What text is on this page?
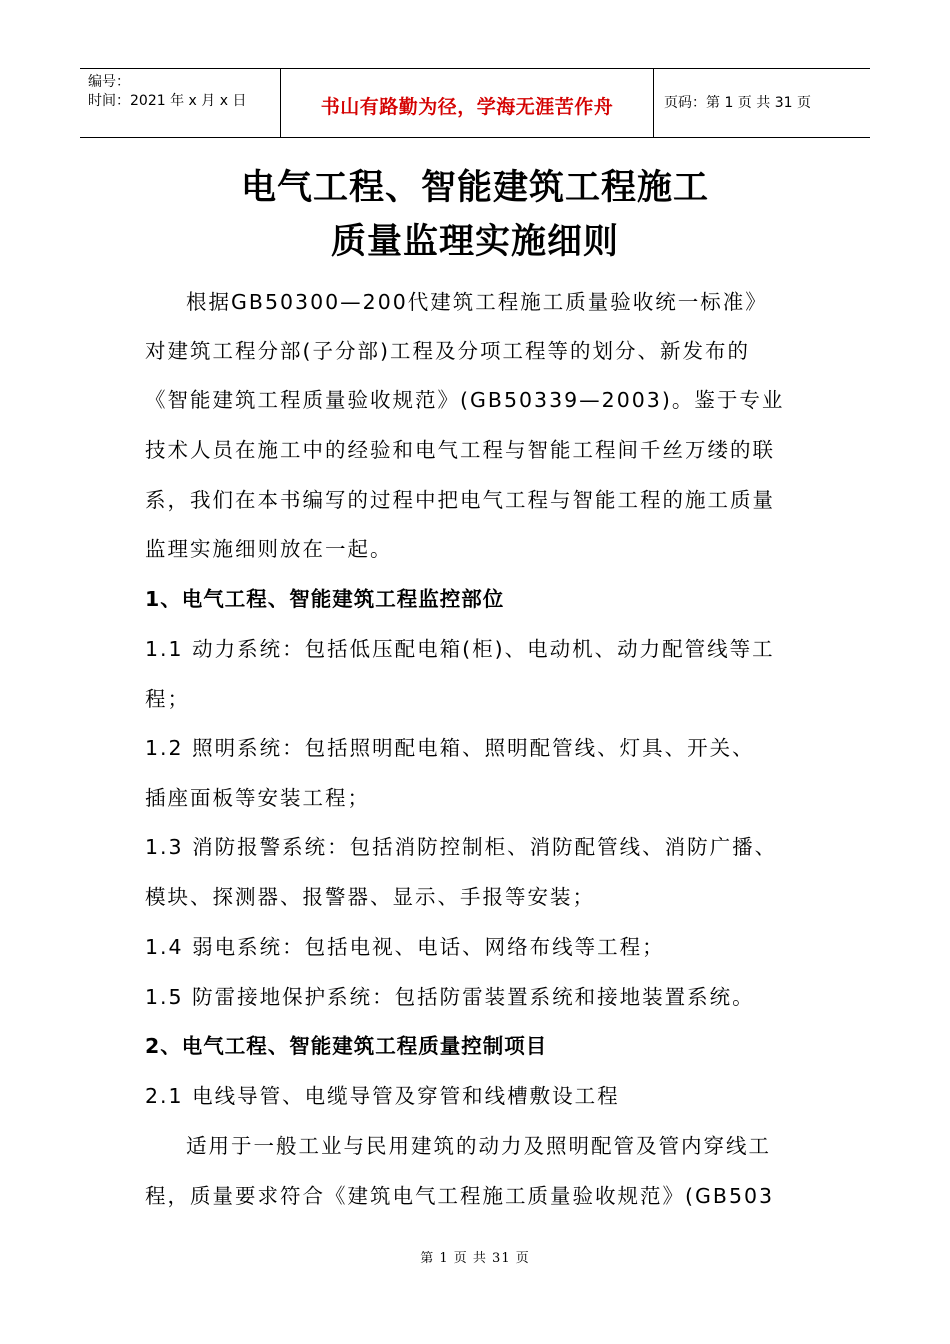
编号：
时间：2021 年 x 月 x 日	书山有路勤为径，学海无涯苦作舟	页码：第 1 页 共 31 页
电气工程、智能建筑工程施工
质量监理实施细则
根据GB50300—200代建筑工程施工质量验收统一标准》
对建筑工程分部(子分部)工程及分项工程等的划分、新发布的
《智能建筑工程质量验收规范》(GB50339—2003)。鉴于专业
技术人员在施工中的经验和电气工程与智能工程间千丝万缕的联
系，我们在本书编写的过程中把电气工程与智能工程的施工质量
监理实施细则放在一起。
1、电气工程、智能建筑工程监控部位
1.1 动力系统：包括低压配电箱(柜)、电动机、动力配管线等工
程；
1.2 照明系统：包括照明配电箱、照明配管线、灯具、开关、
插座面板等安装工程；
1.3 消防报警系统：包括消防控制柜、消防配管线、消防广播、
模块、探测器、报警器、显示、手报等安装；
1.4 弱电系统：包括电视、电话、网络布线等工程；
1.5 防雷接地保护系统：包括防雷装置系统和接地装置系统。
2、电气工程、智能建筑工程质量控制项目
2.1 电线导管、电缆导管及穿管和线槽敷设工程
适用于一般工业与民用建筑的动力及照明配管及管内穿线工
程，质量要求符合《建筑电气工程施工质量验收规范》(GB503
第 1 页 共 31 页
